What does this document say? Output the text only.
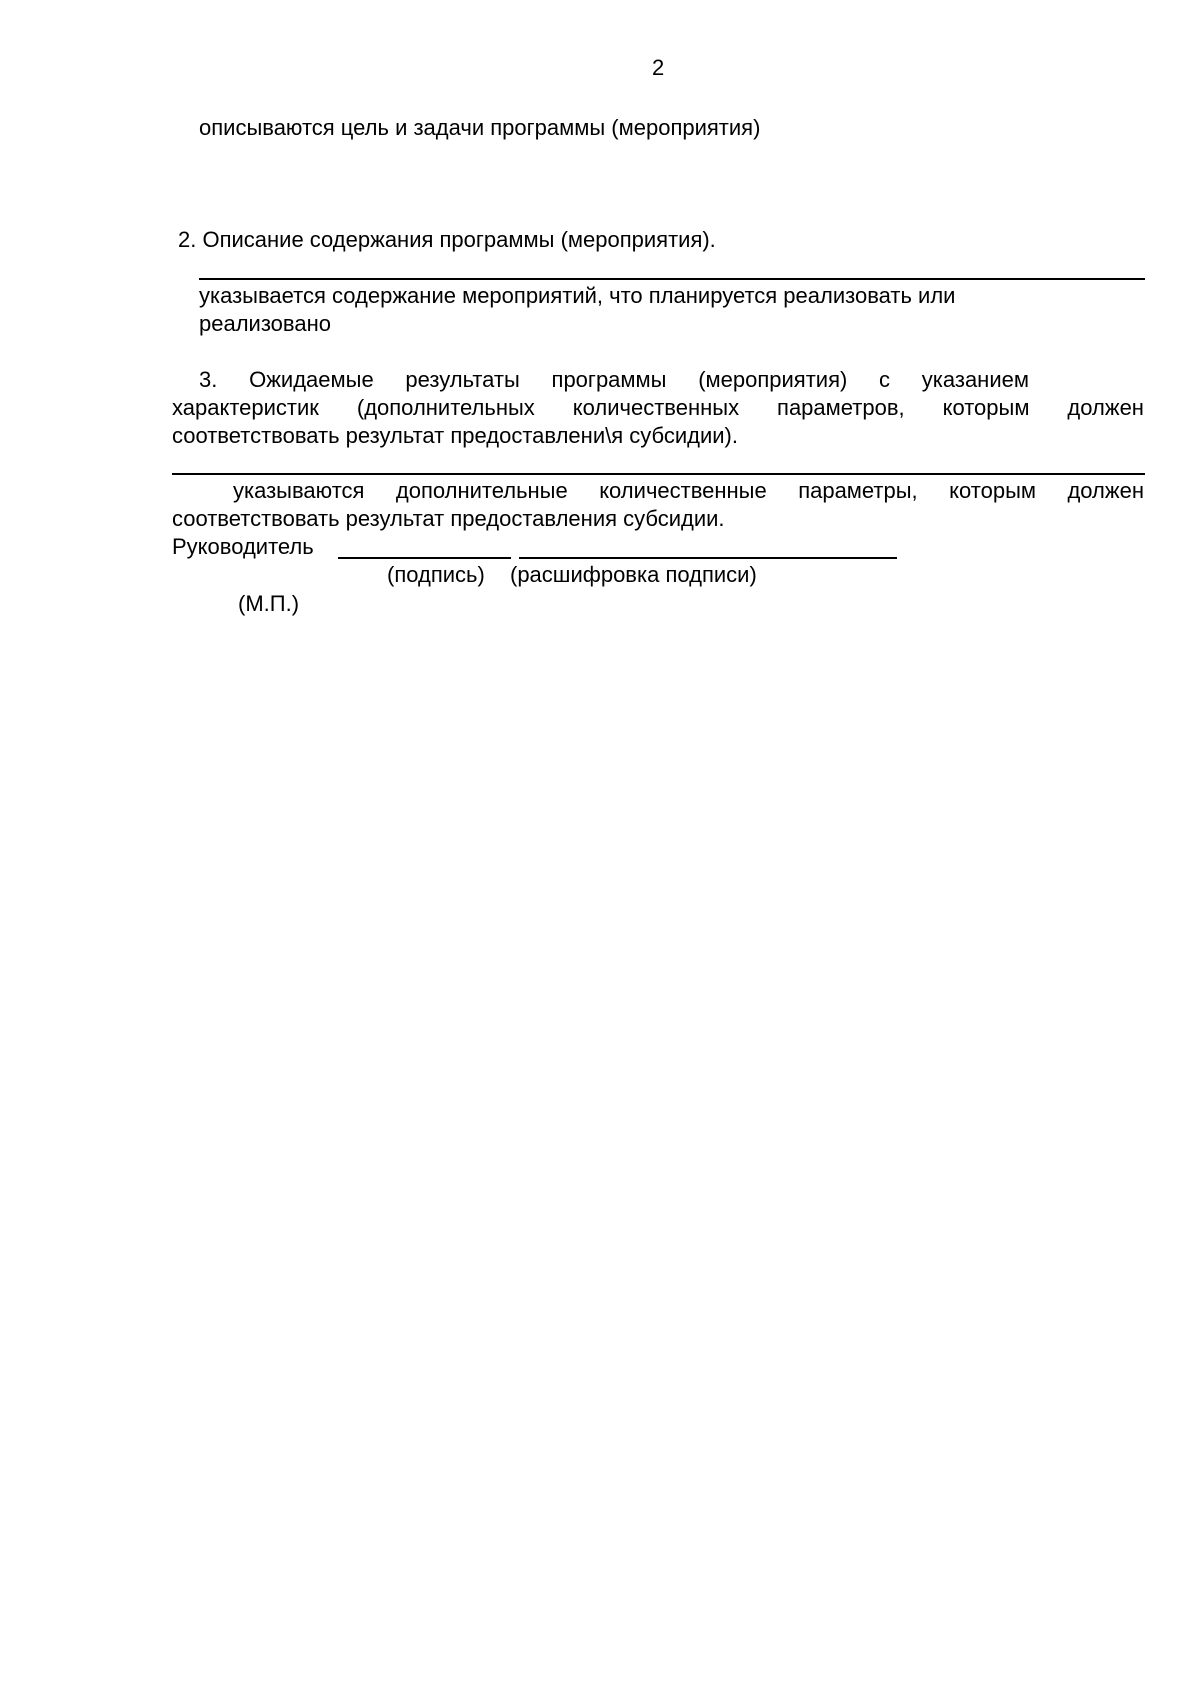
2
описываются цель и задачи программы (мероприятия)
2. Описание содержания программы (мероприятия).
указывается содержание мероприятий, что планируется реализовать или
реализовано
3. Ожидаемые результаты программы (мероприятия) с указанием
характеристик (дополнительных количественных параметров, которым должен
соответствовать результат предоставлени\я субсидии).
указываются дополнительные количественные параметры, которым должен
соответствовать результат предоставления субсидии.
Руководитель
(подпись) (расшифровка подписи)
(М.П.)
